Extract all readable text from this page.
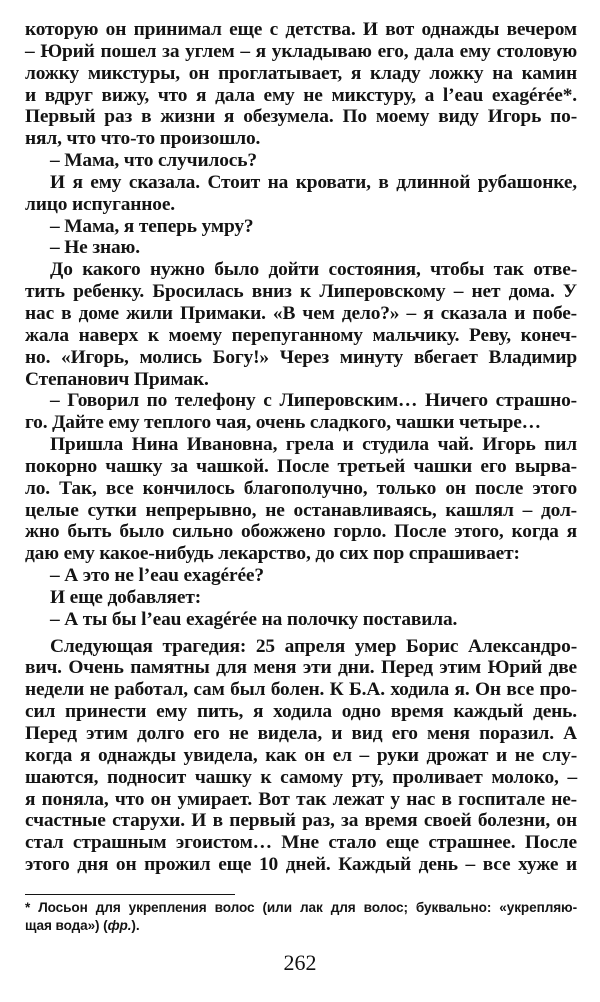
которую он принимал еще с детства. И вот однажды вечером
– Юрий пошел за углем – я укладываю его, дала ему столовую
ложку микстуры, он проглатывает, я кладу ложку на камин
и вдруг вижу, что я дала ему не микстуру, а l’eau exagérée*.
Первый раз в жизни я обезумела. По моему виду Игорь по-
нял, что что-то произошло.
– Мама, что случилось?
И я ему сказала. Стоит на кровати, в длинной рубашонке,
лицо испуганное.
– Мама, я теперь умру?
– Не знаю.
До какого нужно было дойти состояния, чтобы так отве-
тить ребенку. Бросилась вниз к Липеровскому – нет дома. У
нас в доме жили Примаки. «В чем дело?» – я сказала и побе-
жала наверх к моему перепуганному мальчику. Реву, конеч-
но. «Игорь, молись Богу!» Через минуту вбегает Владимир
Степанович Примак.
– Говорил по телефону с Липеровским… Ничего страшно-
го. Дайте ему теплого чая, очень сладкого, чашки четыре…
Пришла Нина Ивановна, грела и студила чай. Игорь пил
покорно чашку за чашкой. После третьей чашки его вырва-
ло. Так, все кончилось благополучно, только он после этого
целые сутки непрерывно, не останавливаясь, кашлял – дол-
жно быть было сильно обожжено горло. После этого, когда я
даю ему какое-нибудь лекарство, до сих пор спрашивает:
– А это не l’eau exagérée?
И еще добавляет:
– А ты бы l’eau exagérée на полочку поставила.
Следующая трагедия: 25 апреля умер Борис Александро-
вич. Очень памятны для меня эти дни. Перед этим Юрий две
недели не работал, сам был болен. К Б.А. ходила я. Он все про-
сил принести ему пить, я ходила одно время каждый день.
Перед этим долго его не видела, и вид его меня поразил. А
когда я однажды увидела, как он ел – руки дрожат и не слу-
шаются, подносит чашку к самому рту, проливает молоко, –
я поняла, что он умирает. Вот так лежат у нас в госпитале не-
счастные старухи. И в первый раз, за время своей болезни, он
стал страшным эгоистом… Мне стало еще страшнее. После
этого дня он прожил еще 10 дней. Каждый день – все хуже и
* Лосьон для укрепления волос (или лак для волос; буквально: «укрепляю-
щая вода») (фр.).
262
